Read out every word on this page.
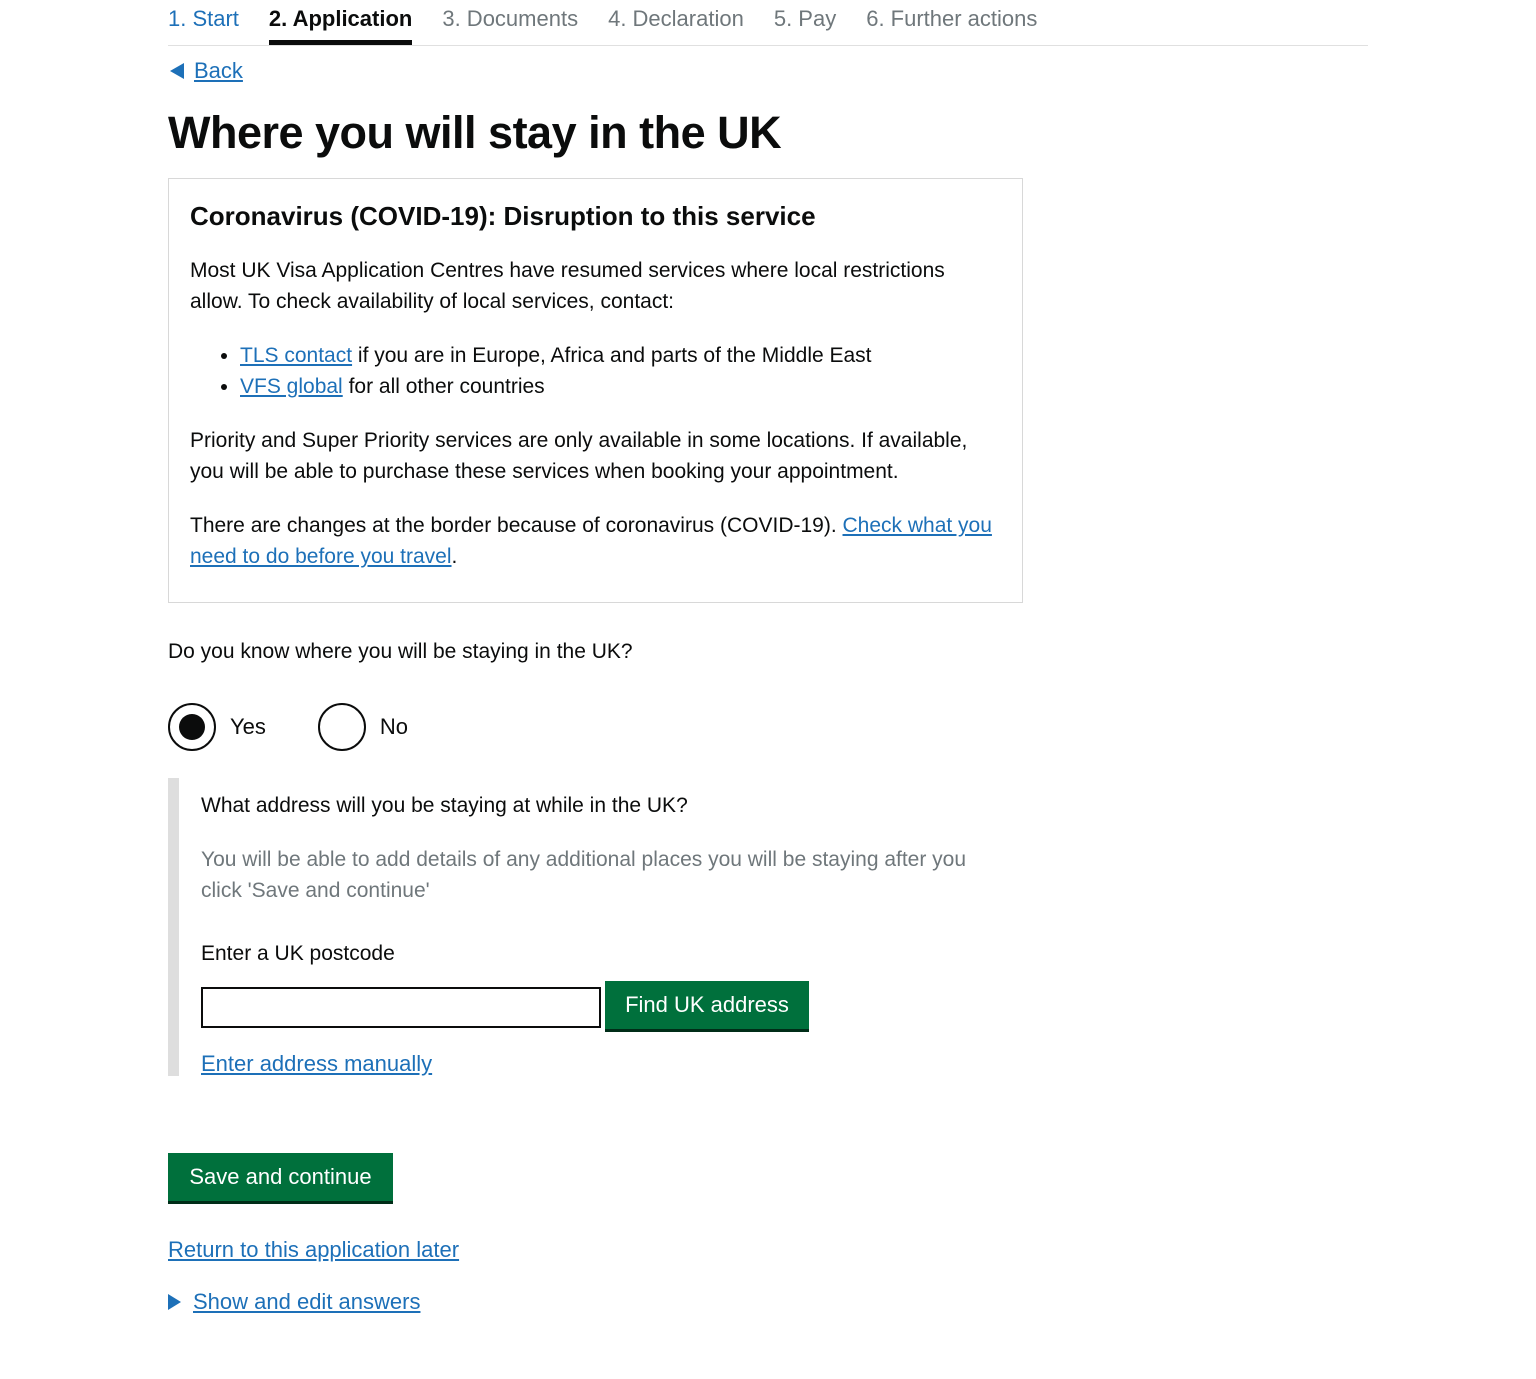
1. Start 2. Application 3. Documents 4. Declaration 5. Pay 6. Further actions
Back
Where you will stay in the UK
Coronavirus (COVID-19): Disruption to this service

Most UK Visa Application Centres have resumed services where local restrictions allow. To check availability of local services, contact:

• TLS contact if you are in Europe, Africa and parts of the Middle East
• VFS global for all other countries

Priority and Super Priority services are only available in some locations. If available, you will be able to purchase these services when booking your appointment.

There are changes at the border because of coronavirus (COVID-19). Check what you need to do before you travel.

Do you know where you will be staying in the UK?
Yes	No
What address will you be staying at while in the UK?
You will be able to add details of any additional places you will be staying after you click 'Save and continue'
Enter a UK postcode
Find UK address
Enter address manually
Save and continue
Return to this application later
Show and edit answers
